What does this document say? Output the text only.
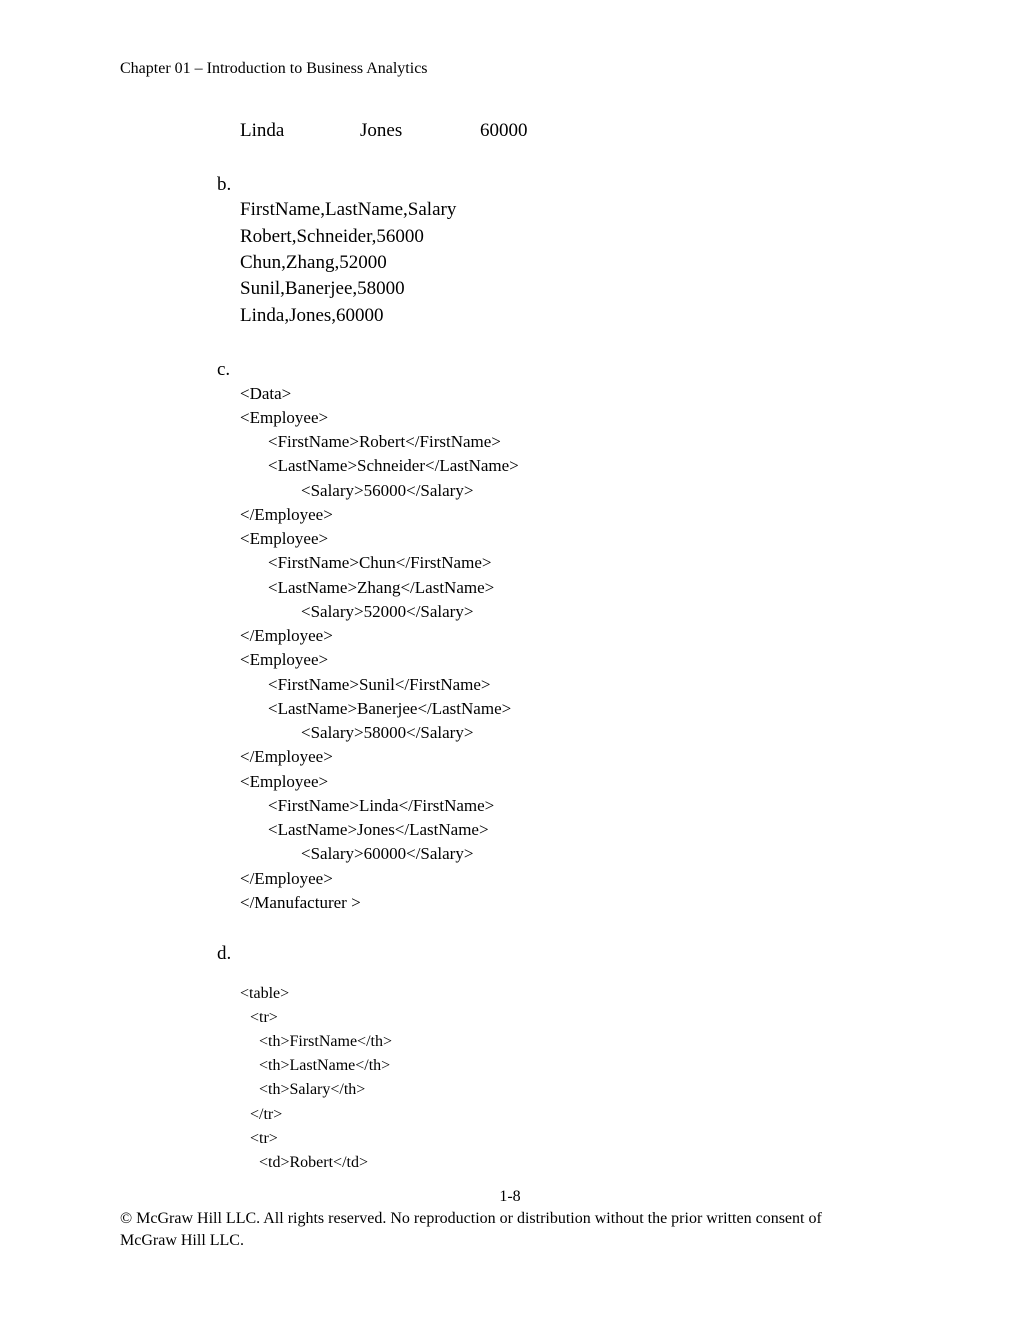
Chapter 01 – Introduction to Business Analytics
Linda	Jones	60000
b.
FirstName,LastName,Salary
Robert,Schneider,56000
Chun,Zhang,52000
Sunil,Banerjee,58000
Linda,Jones,60000
c.
<Data>
<Employee>
<FirstName>Robert</FirstName>
<LastName>Schneider</LastName>
<Salary>56000</Salary>
</Employee>
<Employee>
<FirstName>Chun</FirstName>
<LastName>Zhang</LastName>
<Salary>52000</Salary>
</Employee>
<Employee>
<FirstName>Sunil</FirstName>
<LastName>Banerjee</LastName>
<Salary>58000</Salary>
</Employee>
<Employee>
<FirstName>Linda</FirstName>
<LastName>Jones</LastName>
<Salary>60000</Salary>
</Employee>
</Manufacturer >
d.
<table>
<tr>
<th>FirstName</th>
<th>LastName</th>
<th>Salary</th>
</tr>
<tr>
<td>Robert</td>
1-8
© McGraw Hill LLC. All rights reserved. No reproduction or distribution without the prior written consent of McGraw Hill LLC.
